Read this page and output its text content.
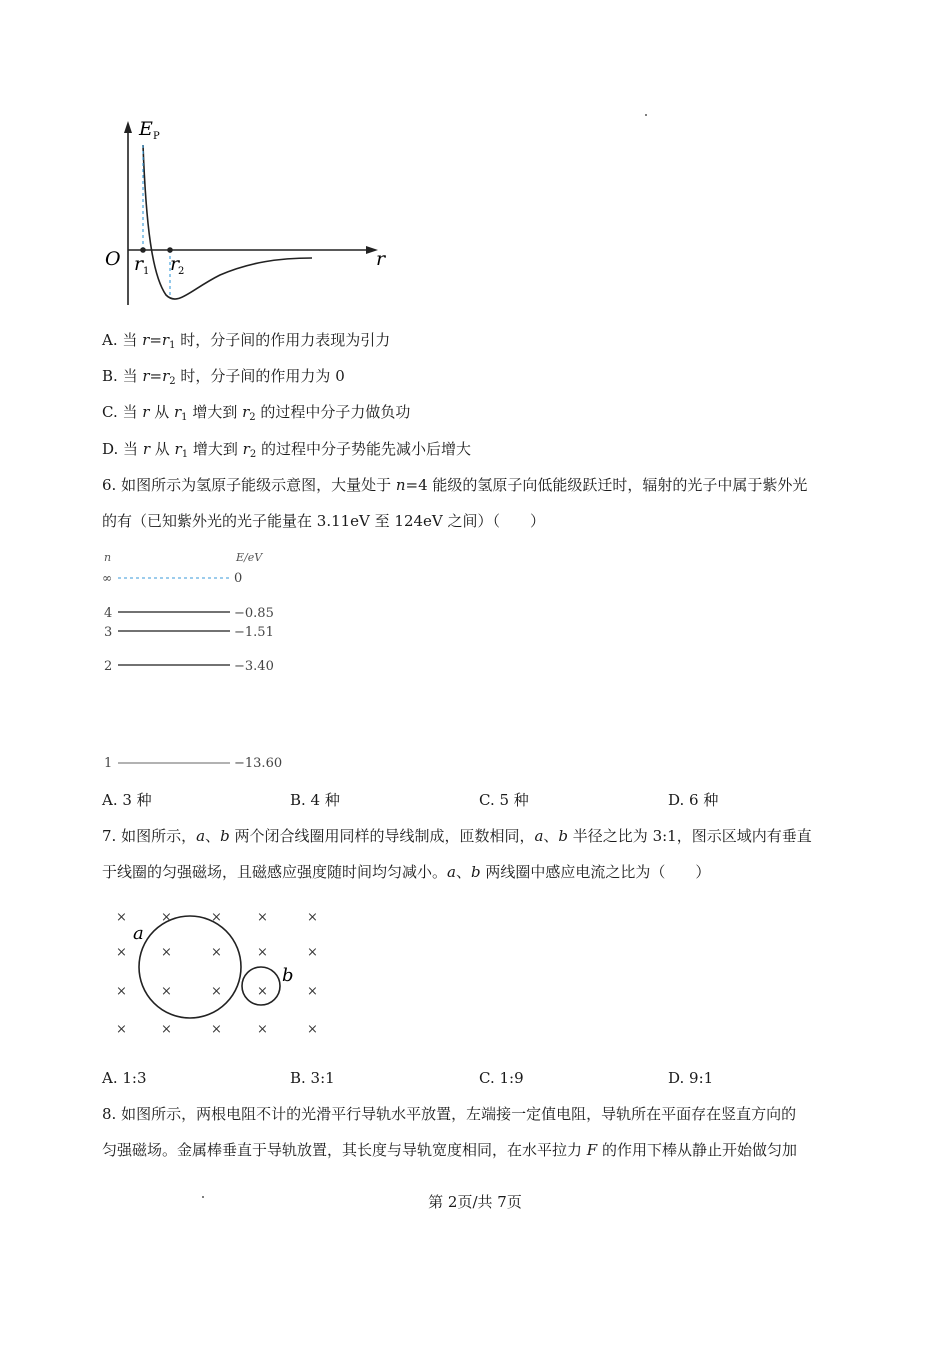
E P
O r 1 r
2
r
A. 当 $r=r_1$ 时，分子间的作用力表现为引力
B. 当 $r=r_2$ 时，分子间的作用力为 0
C. 当 r 从 $r_1$ 增大到 $r_2$ 的过程中分子力做负功
D. 当 r 从 $r_1$ 增大到 $r_2$ 的过程中分子势能先减小后增大
6. 如图所示为氢原子能级示意图，大量处于 n=4 能级的氢原子向低能级跃迁时，辐射的光子中属于紫外光
的有（已知紫外光的光子能量在 3.11eV 至 124eV 之间）（　　）
n	E/eV
∞	0
4	−0.85
3	−1.51
2	−3.40
1	−13.60
A. 3 种	B. 4 种	C. 5 种	D. 6 种
7. 如图所示，a、b 两个闭合线圈用同样的导线制成，匝数相同，a、b 半径之比为 3:1，图示区域内有垂直
于线圈的匀强磁场，且磁感应强度随时间均匀减小。a、b 两线圈中感应电流之比为（　　）
a
b
×	×	×	×	×
×	×	×	×	×
×	×	×	×	×
×	×	×	×	×
A. 1:3	B. 3:1	C. 1:9	D. 9:1
8. 如图所示，两根电阻不计的光滑平行导轨水平放置，左端接一定值电阻，导轨所在平面存在竖直方向的
匀强磁场。金属棒垂直于导轨放置，其长度与导轨宽度相同，在水平拉力 F 的作用下棒从静止开始做匀加
第 2页/共 7页
